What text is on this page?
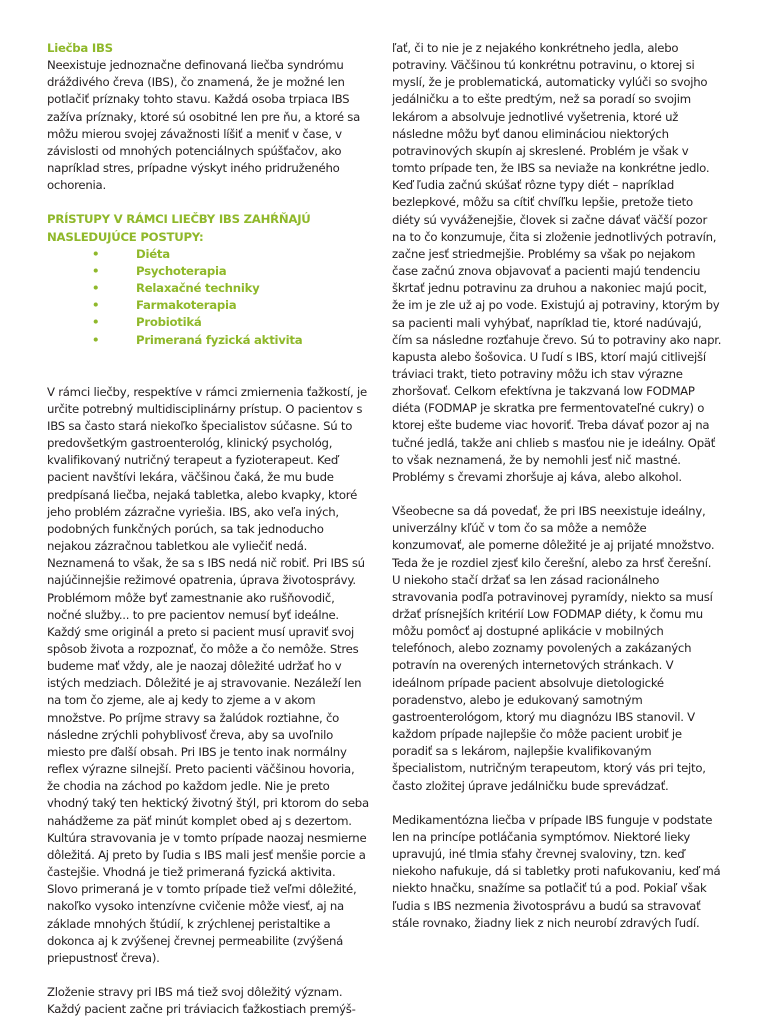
Liečba IBS

Neexistuje jednoznačne definovaná liečba syndrómu dráždivého čreva (IBS), čo znamená, že je možné len potlačiť príznaky tohto stavu. Každá osoba trpiaca IBS zažíva príznaky, ktoré sú osobitné len pre ňu, a ktoré sa môžu mierou svojej závažnosti líšiť a meniť v čase, v závislosti od mnohých potenciálnych spúšťačov, ako napríklad stres, prípadne výskyt iného pridruženého ochorenia.

PRÍSTUPY V RÁMCI LIEČBY IBS ZAHŔŇAJÚ NASLEDUJÚCE POSTUPY:

•	Diéta
•	Psychoterapia
•	Relaxačné techniky
•	Farmakoterapia
•	Probiotiká
•	Primeraná fyzická aktivita

V rámci liečby, respektíve v rámci zmiernenia ťažkostí, je určite potrebný multidisciplinárny prístup. O pacientov s IBS sa často stará niekoľko špecialistov súčasne. Sú to predovšetkým gastroenterológ, klinický psychológ, kvalifikovaný nutričný terapeut a fyzioterapeut. Keď pacient navštívi lekára, väčšinou čaká, že mu bude predpísaná liečba, nejaká tabletka, alebo kvapky, ktoré jeho problém zázračne vyriešia. IBS, ako veľa iných, podobných funkčných porúch, sa tak jednoducho nejakou zázračnou tabletkou ale vyliečiť nedá. Neznamená to však, že sa s IBS nedá nič robiť. Pri IBS sú najúčinnejšie režimové opatrenia, úprava životosprávy. Problémom môže byť zamestnanie ako rušňovodič, nočné služby... to pre pacientov nemusí byť ideálne. Každý sme originál a preto si pacient musí upraviť svoj spôsob života a rozpoznať, čo môže a čo nemôže. Stres budeme mať vždy, ale je naozaj dôležité udržať ho v istých medziach. Dôležité je aj stravovanie. Nezáleží len na tom čo zjeme, ale aj kedy to zjeme a v akom množstve. Po príjme stravy sa žalúdok roztiahne, čo následne zrýchli pohyblivosť čreva, aby sa uvoľnilo miesto pre ďalší obsah. Pri IBS je tento inak normálny reflex výrazne silnejší. Preto pacienti väčšinou hovoria, že chodia na záchod po každom jedle. Nie je preto vhodný taký ten hektický životný štýl, pri ktorom do seba nahádžeme za päť minút komplet obed aj s dezertom. Kultúra stravovania je v tomto prípade naozaj nesmierne dôležitá. Aj preto by ľudia s IBS mali jesť menšie porcie a častejšie. Vhodná je tiež primeraná fyzická aktivita. Slovo primeraná je v tomto prípade tiež veľmi dôležité, nakoľko vysoko intenzívne cvičenie môže viesť, aj na základe mnohých štúdií, k zrýchlenej peristaltike a dokonca aj k zvýšenej črevnej permeabilite (zvýšená priepustnosť čreva).

Zloženie stravy pri IBS má tiež svoj dôležitý význam. Každý pacient začne pri tráviacich ťažkostiach premýš-

ľať, či to nie je z nejakého konkrétneho jedla, alebo potraviny. Väčšinou tú konkrétnu potravinu, o ktorej si myslí, že je problematická, automaticky vylúči so svojho jedálničku a to ešte predtým, než sa poradí so svojim lekárom a absolvuje jednotlivé vyšetrenia, ktoré už následne môžu byť danou elimináciou niektorých potravinových skupín aj skreslené. Problém je však v tomto prípade ten, že IBS sa neviaže na konkrétne jedlo. Keď ľudia začnú skúšať rôzne typy diét – napríklad bezlepkové, môžu sa cítiť chvíľku lepšie, pretože tieto diéty sú vyváženejšie, človek si začne dávať väčší pozor na to čo konzumuje, čita si zloženie jednotlivých potravín, začne jesť striedmejšie. Problémy sa však po nejakom čase začnú znova objavovať a pacienti majú tendenciu škrtať jednu potravinu za druhou a nakoniec majú pocit, že im je zle už aj po vode. Existujú aj potraviny, ktorým by sa pacienti mali vyhýbať, napríklad tie, ktoré nadúvajú, čím sa následne rozťahuje črevo. Sú to potraviny ako napr. kapusta alebo šošovica. U ľudí s IBS, ktorí majú citlivejší tráviaci trakt, tieto potraviny môžu ich stav výrazne zhoršovať. Celkom efektívna je takzvaná low FODMAP diéta (FODMAP je skratka pre fermentovateľné cukry) o ktorej ešte budeme viac hovoriť. Treba dávať pozor aj na tučné jedlá, takže ani chlieb s masťou nie je ideálny. Opäť to však neznamená, že by nemohli jesť nič mastné. Problémy s črevami zhoršuje aj káva, alebo alkohol.

Všeobecne sa dá povedať, že pri IBS neexistuje ideálny, univerzálny kľúč v tom čo sa môže a nemôže konzumovať, ale pomerne dôležité je aj prijaté množstvo. Teda že je rozdiel zjesť kilo čerešní, alebo za hrsť čerešní. U niekoho stačí držať sa len zásad racionálneho stravovania podľa potravinovej pyramídy, niekto sa musí držať prísnejších kritérií Low FODMAP diéty, k čomu mu môžu pomôcť aj dostupné aplikácie v mobilných telefónoch, alebo zoznamy povolených a zakázaných potravín na overených internetových stránkach. V ideálnom prípade pacient absolvuje dietologické poradenstvo, alebo je edukovaný samotným gastroenterológom, ktorý mu diagnózu IBS stanovil. V každom prípade najlepšie čo môže pacient urobiť je poradiť sa s lekárom, najlepšie kvalifikovaným špecialistom, nutričným terapeutom, ktorý vás pri tejto, často zložitej úprave jedálničku bude sprevádzať.

Medikamentózna liečba v prípade IBS funguje v podstate len na princípe potláčania symptómov. Niektoré lieky upravujú, iné tlmia sťahy črevnej svaloviny, tzn. keď niekoho nafukuje, dá si tabletky proti nafukovaniu, keď má niekto hnačku, snažíme sa potlačiť tú a pod. Pokiaľ však ľudia s IBS nezmenia životosprávu a budú sa stravovať stále rovnako, žiadny liek z nich neurobí zdravých ľudí.
